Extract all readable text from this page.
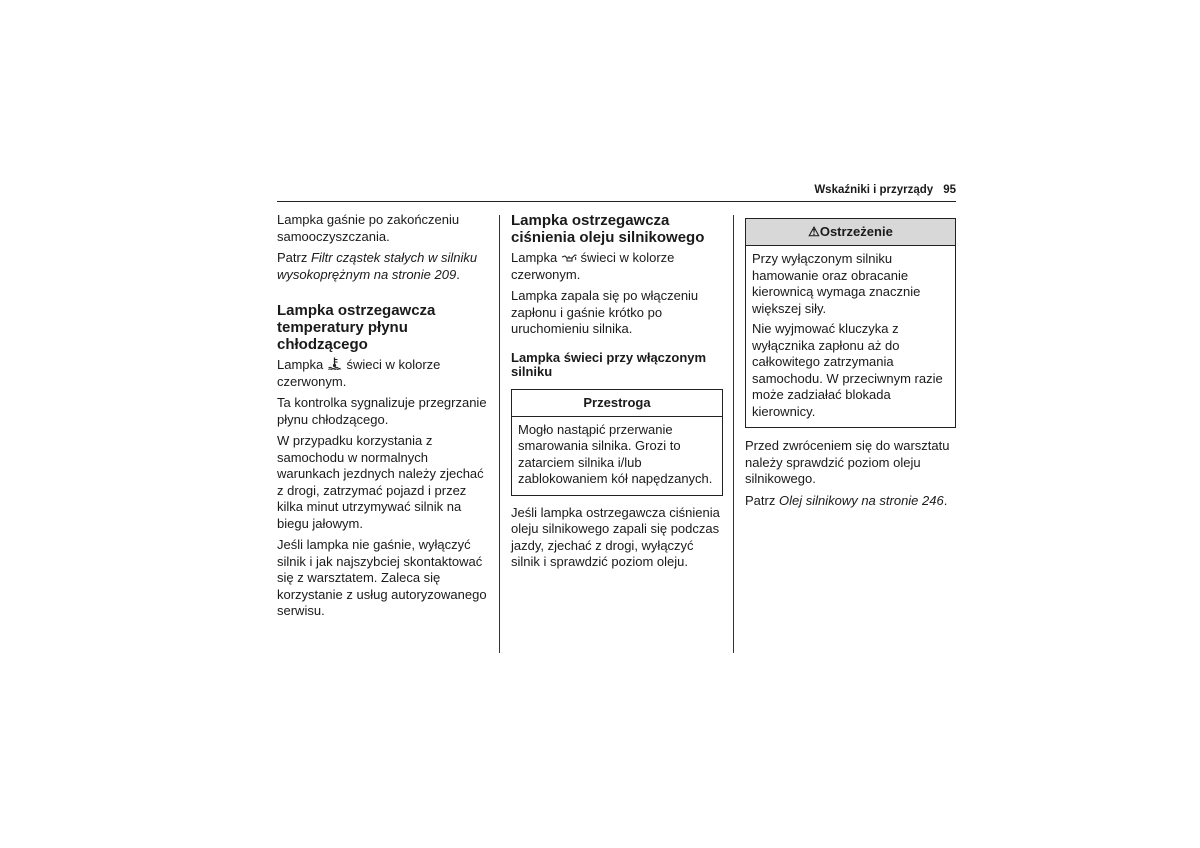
Wskaźniki i przyrządy 95

Lampka gaśnie po zakończeniu samooczyszczania.

Patrz Filtr cząstek stałych w silniku wysokoprężnym na stronie 209.

Lampka ostrzegawcza temperatury płynu chłodzącego

Lampka  świeci w kolorze czerwonym.

Ta kontrolka sygnalizuje przegrzanie płynu chłodzącego.

W przypadku korzystania z samochodu w normalnych warunkach jezdnych należy zjechać z drogi, zatrzymać pojazd i przez kilka minut utrzymywać silnik na biegu jałowym.

Jeśli lampka nie gaśnie, wyłączyć silnik i jak najszybciej skontaktować się z warsztatem. Zaleca się korzystanie z usług autoryzowanego serwisu.

Lampka ostrzegawcza ciśnienia oleju silnikowego

Lampka  świeci w kolorze czerwonym.

Lampka zapala się po włączeniu zapłonu i gaśnie krótko po uruchomieniu silnika.

Lampka świeci przy włączonym silniku
Przestroga

Mogło nastąpić przerwanie smarowania silnika. Grozi to zatarciem silnika i/lub zablokowaniem kół napędzanych.

Jeśli lampka ostrzegawcza ciśnienia oleju silnikowego zapali się podczas jazdy, zjechać z drogi, wyłączyć silnik i sprawdzić poziom oleju.

⚠Ostrzeżenie

Przy wyłączonym silniku hamowanie oraz obracanie kierownicą wymaga znacznie większej siły.

Nie wyjmować kluczyka z wyłącznika zapłonu aż do całkowitego zatrzymania samochodu. W przeciwnym razie może zadziałać blokada kierownicy.

Przed zwróceniem się do warsztatu należy sprawdzić poziom oleju silnikowego.

Patrz Olej silnikowy na stronie 246.
